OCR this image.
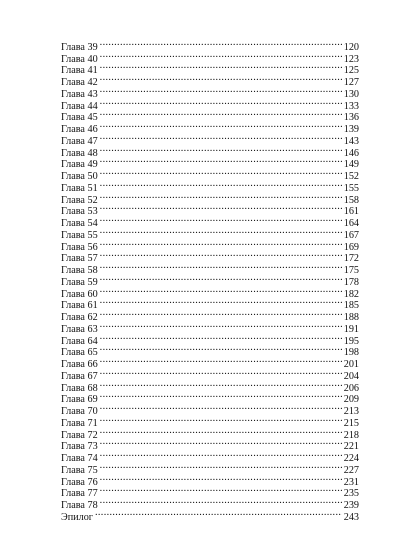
Глава 39 .....	120
Глава 40 .....	123
Глава 41 .....	125
Глава 42 .....	127
Глава 43 .....	130
Глава 44 .....	133
Глава 45 .....	136
Глава 46 .....	139
Глава 47 .....	143
Глава 48 .....	146
Глава 49 .....	149
Глава 50 .....	152
Глава 51 .....	155
Глава 52 .....	158
Глава 53 .....	161
Глава 54 .....	164
Глава 55 .....	167
Глава 56 .....	169
Глава 57 .....	172
Глава 58 .....	175
Глава 59 .....	178
Глава 60 .....	182
Глава 61 .....	185
Глава 62 .....	188
Глава 63 .....	191
Глава 64 .....	195
Глава 65 .....	198
Глава 66 .....	201
Глава 67 .....	204
Глава 68 .....	206
Глава 69 .....	209
Глава 70 .....	213
Глава 71 .....	215
Глава 72 .....	218
Глава 73 .....	221
Глава 74 .....	224
Глава 75 .....	227
Глава 76 .....	231
Глава 77 .....	235
Глава 78 .....	239
Эпилог .....	243
